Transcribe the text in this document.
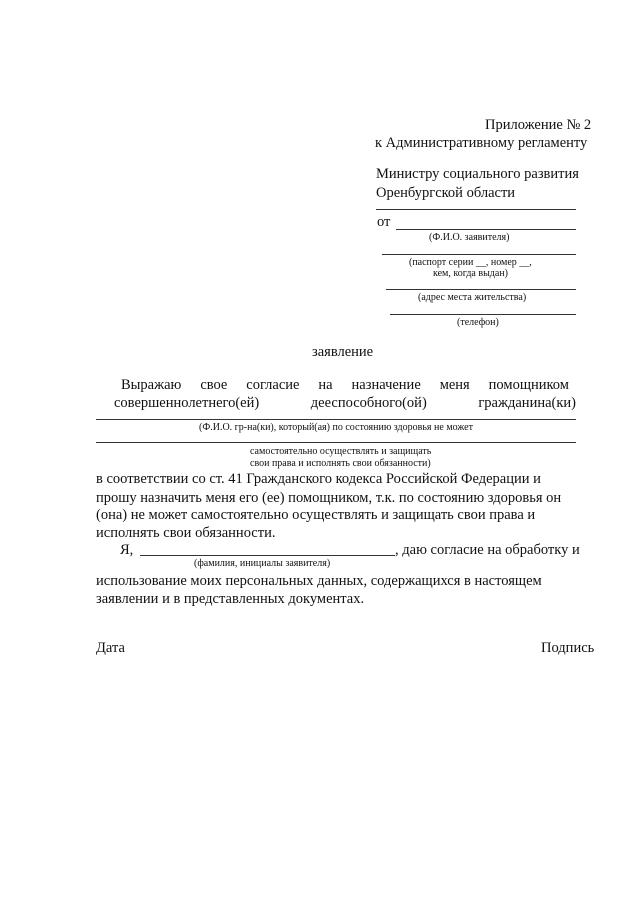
Приложение № 2
к Административному регламенту
Министру социального развития
Оренбургской области
от
(Ф.И.О. заявителя)
(паспорт серии __, номер __,
кем, когда выдан)
(адрес места жительства)
(телефон)
заявление
Выражаю свое согласие на назначение меня помощником
совершеннолетнего(ей)	дееспособного(ой)	гражданина(ки)
(Ф.И.О. гр-на(ки), который(ая) по состоянию здоровья не может
самостоятельно осуществлять и защищать
свои права и исполнять свои обязанности)
в соответствии со ст. 41 Гражданского кодекса Российской Федерации и
прошу назначить меня его (ее) помощником, т.к. по состоянию здоровья он
(она) не может самостоятельно осуществлять и защищать свои права и
исполнять свои обязанности.
Я,	, даю согласие на обработку и
(фамилия, инициалы заявителя)
использование моих персональных данных, содержащихся в настоящем
заявлении и в представленных документах.
Дата	Подпись
